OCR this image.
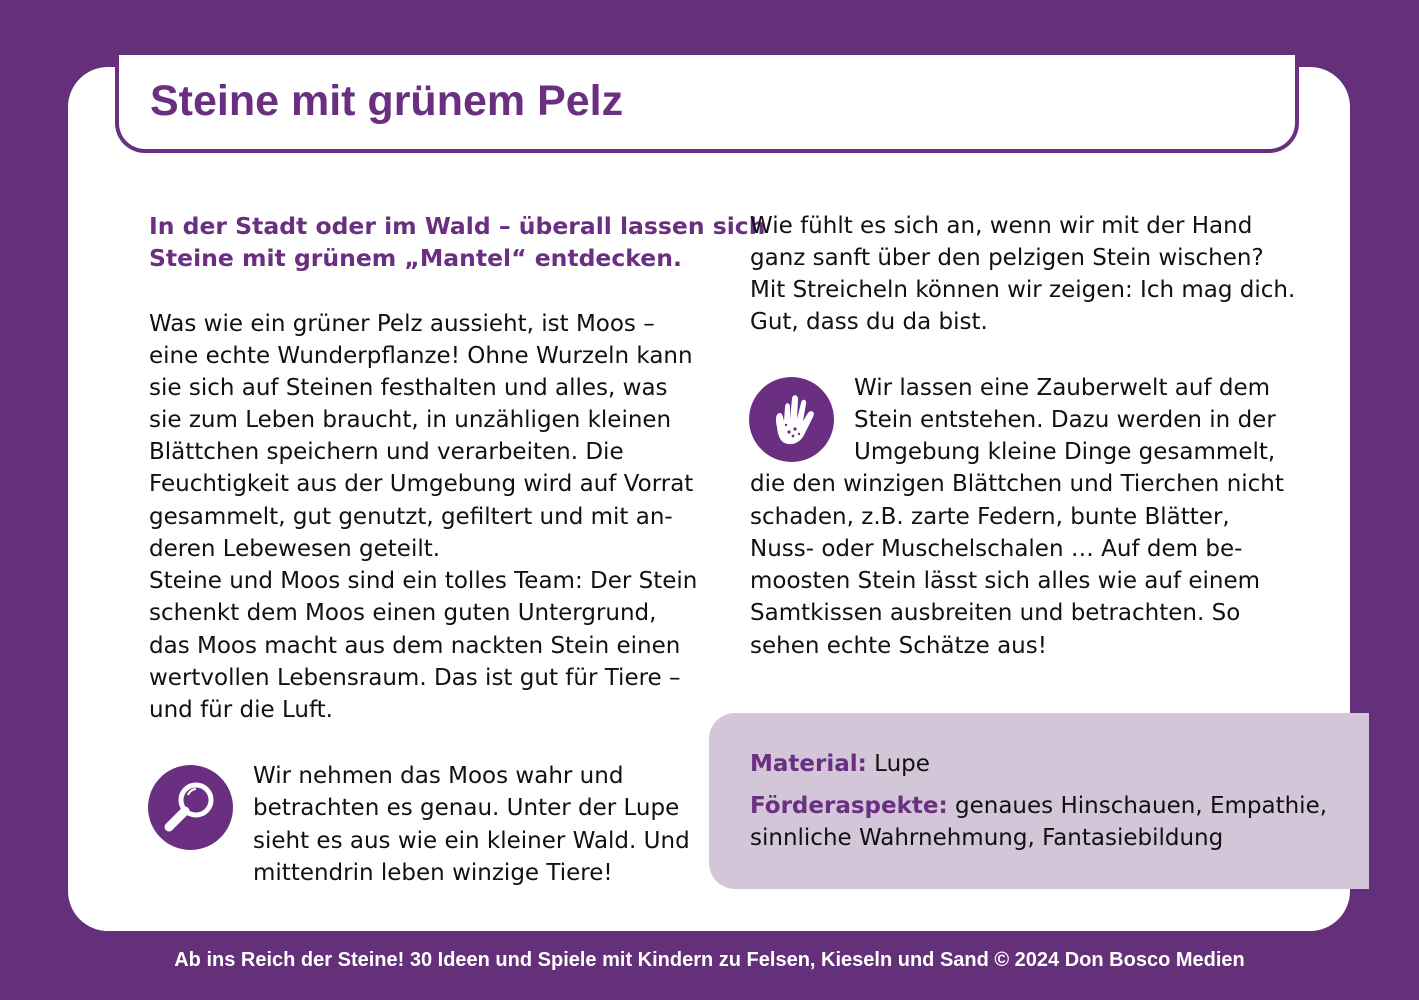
Steine mit grünem Pelz

In der Stadt oder im Wald – überall lassen sich

Steine mit grünem „Mantel“ entdecken.

Was wie ein grüner Pelz aussieht, ist Moos –

eine echte Wunderpflanze! Ohne Wurzeln kann

sie sich auf Steinen festhalten und alles, was

sie zum Leben braucht, in unzähligen kleinen

Blättchen speichern und verarbeiten. Die

Feuchtigkeit aus der Umgebung wird auf Vorrat

gesammelt, gut genutzt, gefiltert und mit an-

deren Lebewesen geteilt.

Steine und Moos sind ein tolles Team: Der Stein

schenkt dem Moos einen guten Untergrund,

das Moos macht aus dem nackten Stein einen

wertvollen Lebensraum. Das ist gut für Tiere –

und für die Luft.

Wir nehmen das Moos wahr und

betrachten es genau. Unter der Lupe

sieht es aus wie ein kleiner Wald. Und

mittendrin leben winzige Tiere!

Wie fühlt es sich an, wenn wir mit der Hand

ganz sanft über den pelzigen Stein wischen?

Mit Streicheln können wir zeigen: Ich mag dich.

Gut, dass du da bist.

Wir lassen eine Zauberwelt auf dem

Stein entstehen. Dazu werden in der

Umgebung kleine Dinge gesammelt,

die den winzigen Blättchen und Tierchen nicht

schaden, z.B. zarte Federn, bunte Blätter,

Nuss- oder Muschelschalen … Auf dem be-

moosten Stein lässt sich alles wie auf einem

Samtkissen ausbreiten und betrachten. So

sehen echte Schätze aus!

Material: Lupe

Förderaspekte: genaues Hinschauen, Empathie,

sinnliche Wahrnehmung, Fantasiebildung

Ab ins Reich der Steine! 30 Ideen und Spiele mit Kindern zu Felsen, Kieseln und Sand © 2024 Don Bosco Medien
